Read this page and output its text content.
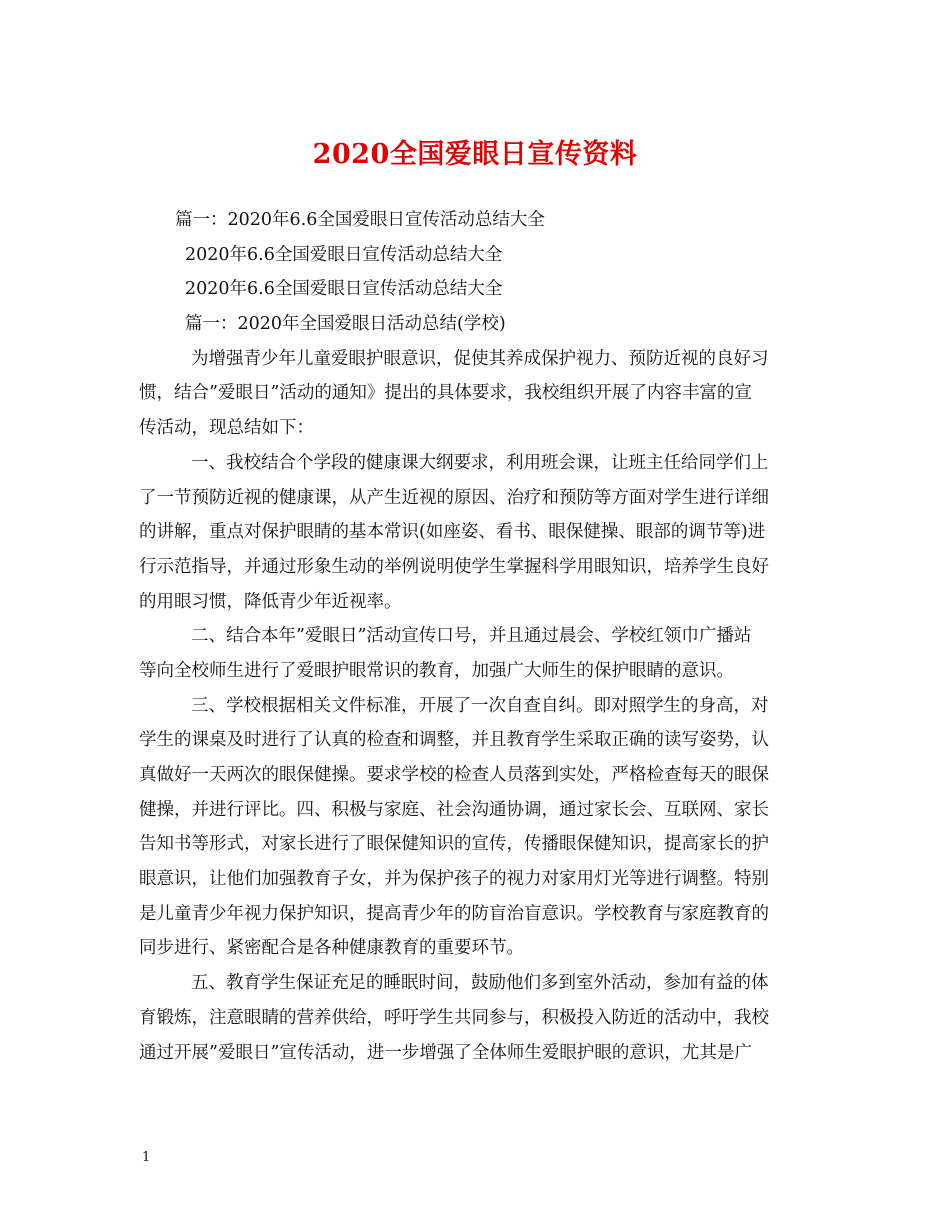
2020全国爱眼日宣传资料
篇一：2020年6.6全国爱眼日宣传活动总结大全
2020年6.6全国爱眼日宣传活动总结大全
2020年6.6全国爱眼日宣传活动总结大全
篇一：2020年全国爱眼日活动总结(学校)
为增强青少年儿童爱眼护眼意识，促使其养成保护视力、预防近视的良好习
惯，结合”爱眼日”活动的通知》提出的具体要求，我校组织开展了内容丰富的宣
传活动，现总结如下：
一、我校结合个学段的健康课大纲要求，利用班会课，让班主任给同学们上
了一节预防近视的健康课，从产生近视的原因、治疗和预防等方面对学生进行详细
的讲解，重点对保护眼睛的基本常识(如座姿、看书、眼保健操、眼部的调节等)进
行示范指导，并通过形象生动的举例说明使学生掌握科学用眼知识，培养学生良好
的用眼习惯，降低青少年近视率。
二、结合本年”爱眼日”活动宣传口号，并且通过晨会、学校红领巾广播站
等向全校师生进行了爱眼护眼常识的教育，加强广大师生的保护眼睛的意识。
三、学校根据相关文件标准，开展了一次自查自纠。即对照学生的身高，对
学生的课桌及时进行了认真的检查和调整，并且教育学生采取正确的读写姿势，认
真做好一天两次的眼保健操。要求学校的检查人员落到实处，严格检查每天的眼保
健操，并进行评比。四、积极与家庭、社会沟通协调，通过家长会、互联网、家长
告知书等形式，对家长进行了眼保健知识的宣传，传播眼保健知识，提高家长的护
眼意识，让他们加强教育子女，并为保护孩子的视力对家用灯光等进行调整。特别
是儿童青少年视力保护知识，提高青少年的防盲治盲意识。学校教育与家庭教育的
同步进行、紧密配合是各种健康教育的重要环节。
五、教育学生保证充足的睡眠时间，鼓励他们多到室外活动，参加有益的体
育锻炼，注意眼睛的营养供给，呼吁学生共同参与，积极投入防近的活动中，我校
通过开展”爱眼日”宣传活动，进一步增强了全体师生爱眼护眼的意识，尤其是广
1
